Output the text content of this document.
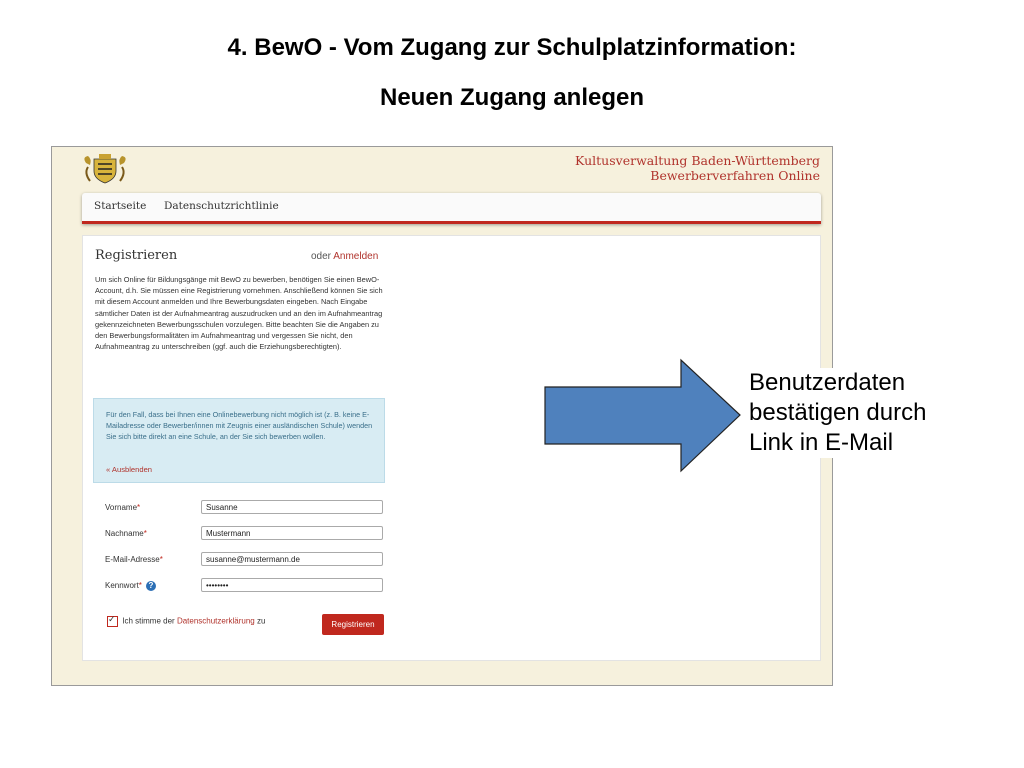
4. BewO - Vom Zugang zur Schulplatzinformation:
Neuen Zugang anlegen
Kultusverwaltung Baden-Württemberg
Bewerberverfahren Online
Startseite Datenschutzrichtlinie
Registrieren	oder Anmelden
Um sich Online für Bildungsgänge mit BewO zu bewerben, benötigen Sie einen BewO-Account, d.h. Sie müssen eine Registrierung vornehmen. Anschließend können Sie sich mit diesem Account anmelden und Ihre Bewerbungsdaten eingeben. Nach Eingabe sämtlicher Daten ist der Aufnahmeantrag auszudrucken und an den im Aufnahmeantrag gekennzeichneten Bewerbungsschulen vorzulegen. Bitte beachten Sie die Angaben zu den Bewerbungsformalitäten im Aufnahmeantrag und vergessen Sie nicht, den Aufnahmeantrag zu unterschreiben (ggf. auch die Erziehungsberechtigten).
Für den Fall, dass bei Ihnen eine Onlinebewerbung nicht möglich ist (z. B. keine E-Mailadresse oder Bewerber/innen mit Zeugnis einer ausländischen Schule) wenden Sie sich bitte direkt an eine Schule, an der Sie sich bewerben wollen.
« Ausblenden
Vorname*	Susanne
Nachname*	Mustermann
E-Mail-Adresse*	susanne@mustermann.de
Kennwort* ?	••••••••
✓ Ich stimme der Datenschutzerklärung zu	Registrieren
Benutzerdaten
bestätigen durch
Link in E-Mail
